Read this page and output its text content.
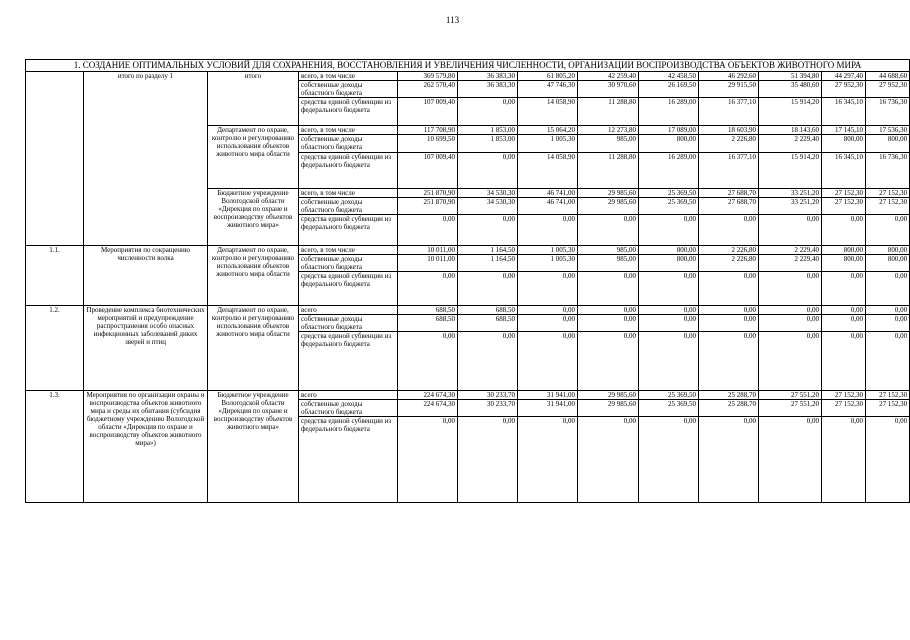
113
1. СОЗДАНИЕ ОПТИМАЛЬНЫХ УСЛОВИЙ ДЛЯ СОХРАНЕНИЯ, ВОССТАНОВЛЕНИЯ И УВЕЛИЧЕНИЯ ЧИСЛЕННОСТИ, ОРГАНИЗАЦИИ ВОСПРОИЗВОДСТВА ОБЪЕКТОВ ЖИВОТНОГО МИРА												
	итого по разделу 1	итого	всего, в том числе	369 579,80	36 383,30	61 805,20	42 259,40	42 458,50	46 292,60	51 394,80	44 297,40	44 688,60
			собственные доходы областного бюджета	262 570,40	36 383,30	47 746,30	30 970,60	26 169,50	29 915,50	35 480,60	27 952,30	27 952,30
			средства единой субвенции из федерального бюджета	107 009,40	0,00	14 058,90	11 288,80	16 289,00	16 377,10	15 914,20	16 345,10	16 736,30
		Департамент по охране, контролю и регулированию использования объектов животного мира области	всего, в том числе	117 708,90	1 853,00	15 064,20	12 273,80	17 089,00	18 603,90	18 143,60	17 145,10	17 536,30
			собственные доходы областного бюджета	10 699,50	1 853,00	1 005,30	985,00	800,00	2 226,80	2 229,40	800,00	800,00
			средства единой субвенции из федерального бюджета	107 009,40	0,00	14 058,90	11 288,80	16 289,00	16 377,10	15 914,20	16 345,10	16 736,30
		Бюджетное учреждение Вологодской области «Дирекция по охране и воспроизводству объектов животного мира»	всего, в том числе	251 870,90	34 530,30	46 741,00	29 985,60	25 369,50	27 688,70	33 251,20	27 152,30	27 152,30
			собственные доходы областного бюджета	251 870,90	34 530,30	46 741,00	29 985,60	25 369,50	27 688,70	33 251,20	27 152,30	27 152,30
			средства единой субвенции из федерального бюджета	0,00	0,00	0,00	0,00	0,00	0,00	0,00	0,00	0,00
1.1.	Мероприятия по сокращению численности волка	Департамент по охране, контролю и регулированию использования объектов животного мира области	всего, в том числе	10 011,00	1 164,50	1 005,30	985,00	800,00	2 226,80	2 229,40	800,00	800,00
			собственные доходы областного бюджета	10 011,00	1 164,50	1 005,30	985,00	800,00	2 226,80	2 229,40	800,00	800,00
			средства единой субвенции из федерального бюджета	0,00	0,00	0,00	0,00	0,00	0,00	0,00	0,00	0,00
1.2.	Проведение комплекса биотехнических мероприятий и предупреждение распространения особо опасных инфекционных заболеваний диких зверей и птиц	Департамент по охране, контролю и регулированию использования объектов животного мира области	всего	688,50	688,50	0,00	0,00	0,00	0,00	0,00	0,00	0,00
			собственные доходы областного бюджета	688,50	688,50	0,00	0,00	0,00	0,00	0,00	0,00	0,00
			средства единой субвенции из федерального бюджета	0,00	0,00	0,00	0,00	0,00	0,00	0,00	0,00	0,00
1.3.	Мероприятия по организации охраны и воспроизводства объектов животного мира и среды их обитания (субсидия бюджетному учреждению Вологодской области «Дирекция по охране и воспроизводству объектов животного мира»)	Бюджетное учреждение Вологодской области «Дирекция по охране и воспроизводству объектов животного мира»	всего	224 674,30	30 233,70	31 941,00	29 985,60	25 369,50	25 288,70	27 551,20	27 152,30	27 152,30
			собственные доходы областного бюджета	224 674,30	30 233,70	31 941,00	29 985,60	25 369,50	25 288,70	27 551,20	27 152,30	27 152,30
			средства единой субвенции из федерального бюджета	0,00	0,00	0,00	0,00	0,00	0,00	0,00	0,00	0,00
